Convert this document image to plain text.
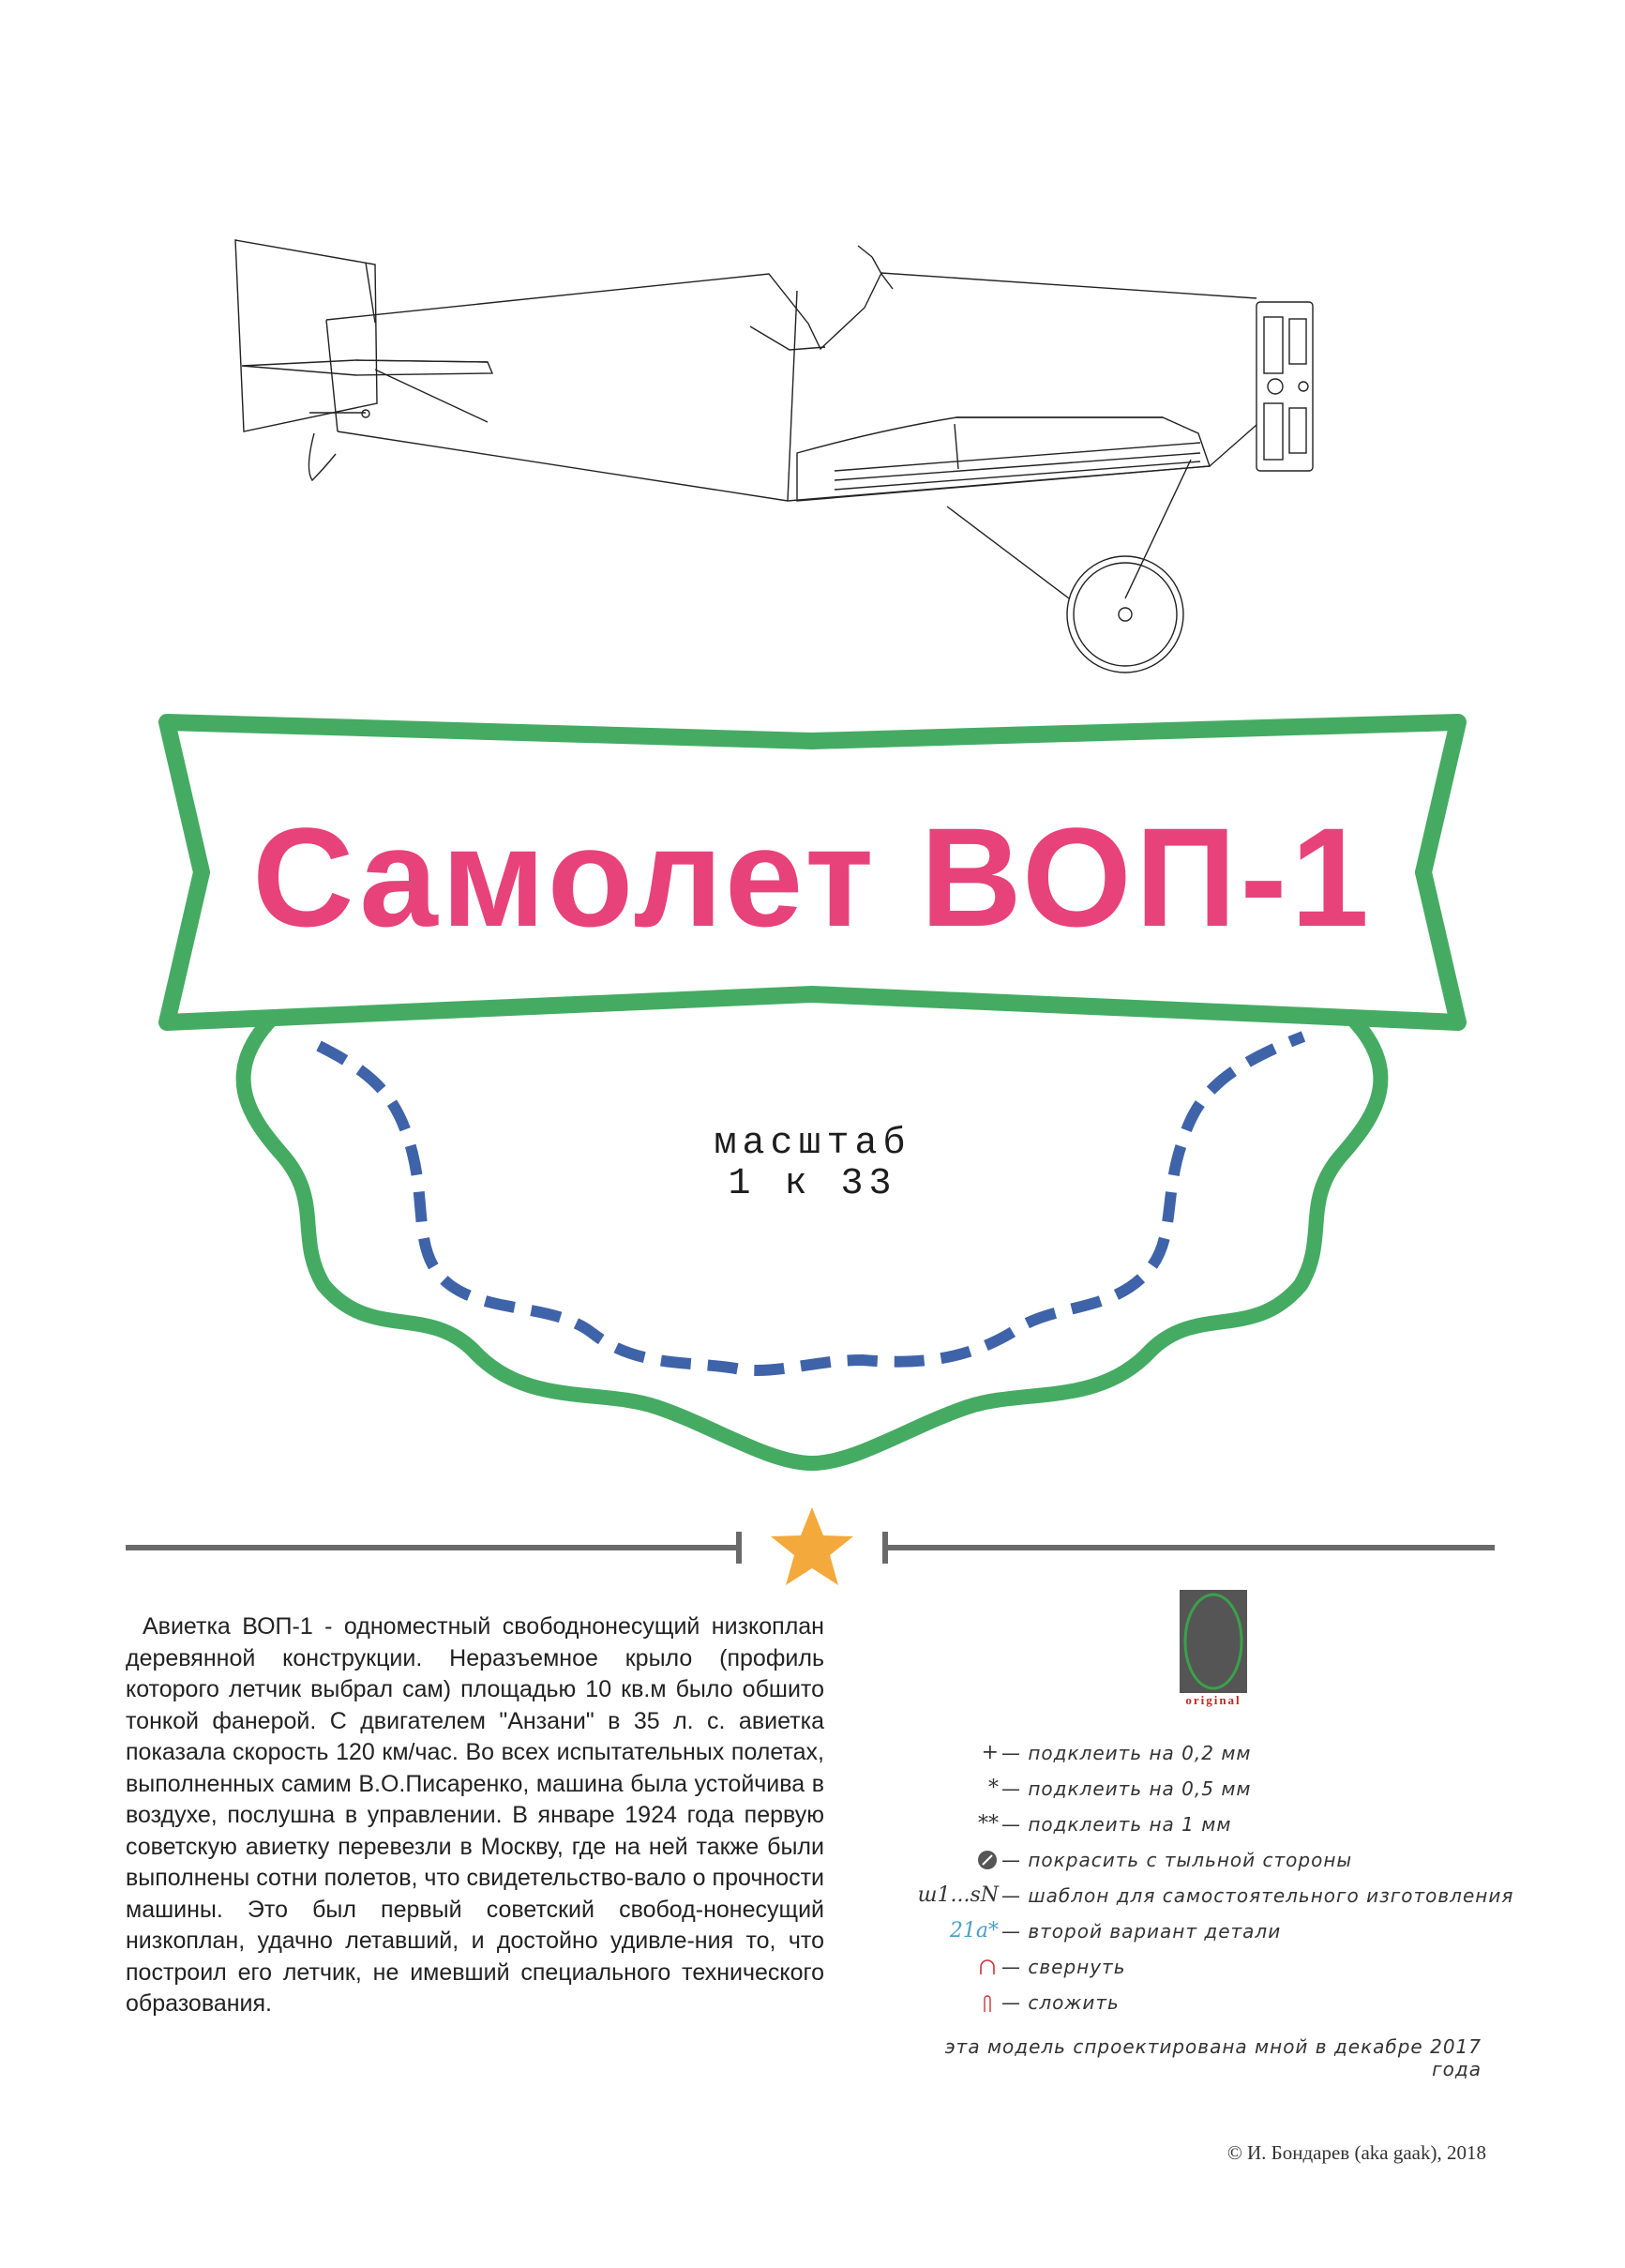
Самолет ВОП-1
масштаб
1 к 33

Авиетка ВОП-1 - одноместный свободнонесущий низкоплан деревянной конструкции. Неразъемное крыло (профиль которого летчик выбрал сам) площадью 10 кв.м было обшито тонкой фанерой. С двигателем "Анзани" в 35 л. с. авиетка показала скорость 120 км/час. Во всех испытательных полетах, выполненных самим В.О.Писаренко, машина была устойчива в воздухе, послушна в управлении. В январе 1924 года первую советскую авиетку перевезли в Москву, где на ней также были выполнены сотни полетов, что свидетельство-вало о прочности машины. Это был первый советский свобод-нонесущий низкоплан, удачно летавший, и достойно удивле-ния то, что построил его летчик, не имевший специального технического образования.

original
+ — подклеить на 0,2 мм
* — подклеить на 0,5 мм
** — подклеить на 1 мм
— покрасить с тыльной стороны
ш1...sN — шаблон для самостоятельного изготовления
21a* — второй вариант детали
— свернуть
— сложить
эта модель спроектирована мной в декабре 2017 года
© И. Бондарев (aka gaak), 2018
